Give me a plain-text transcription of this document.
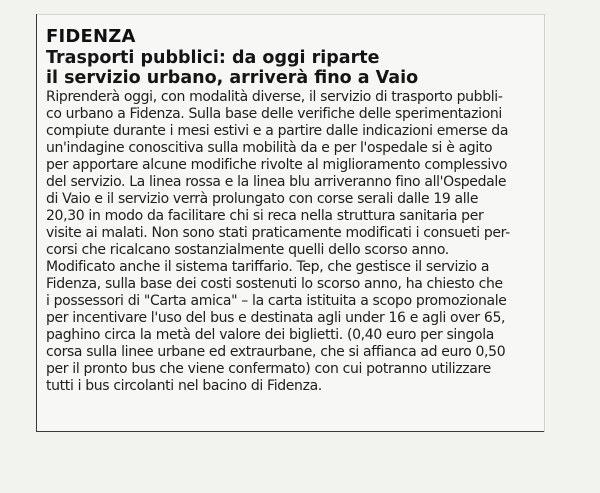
FIDENZA
Trasporti pubblici: da oggi riparte
il servizio urbano, arriverà fino a Vaio
Riprenderà oggi, con modalità diverse, il servizio di trasporto pubbli-
co urbano a Fidenza. Sulla base delle verifiche delle sperimentazioni
compiute durante i mesi estivi e a partire dalle indicazioni emerse da
un'indagine conoscitiva sulla mobilità da e per l'ospedale si è agito
per apportare alcune modifiche rivolte al miglioramento complessivo
del servizio. La linea rossa e la linea blu arriveranno fino all'Ospedale
di Vaio e il servizio verrà prolungato con corse serali dalle 19 alle
20,30 in modo da facilitare chi si reca nella struttura sanitaria per
visite ai malati. Non sono stati praticamente modificati i consueti per-
corsi che ricalcano sostanzialmente quelli dello scorso anno.
Modificato anche il sistema tariffario. Tep, che gestisce il servizio a
Fidenza, sulla base dei costi sostenuti lo scorso anno, ha chiesto che
i possessori di "Carta amica" – la carta istituita a scopo promozionale
per incentivare l'uso del bus e destinata agli under 16 e agli over 65,
paghino circa la metà del valore dei biglietti. (0,40 euro per singola
corsa sulla linee urbane ed extraurbane, che si affianca ad euro 0,50
per il pronto bus che viene confermato) con cui potranno utilizzare
tutti i bus circolanti nel bacino di Fidenza.
